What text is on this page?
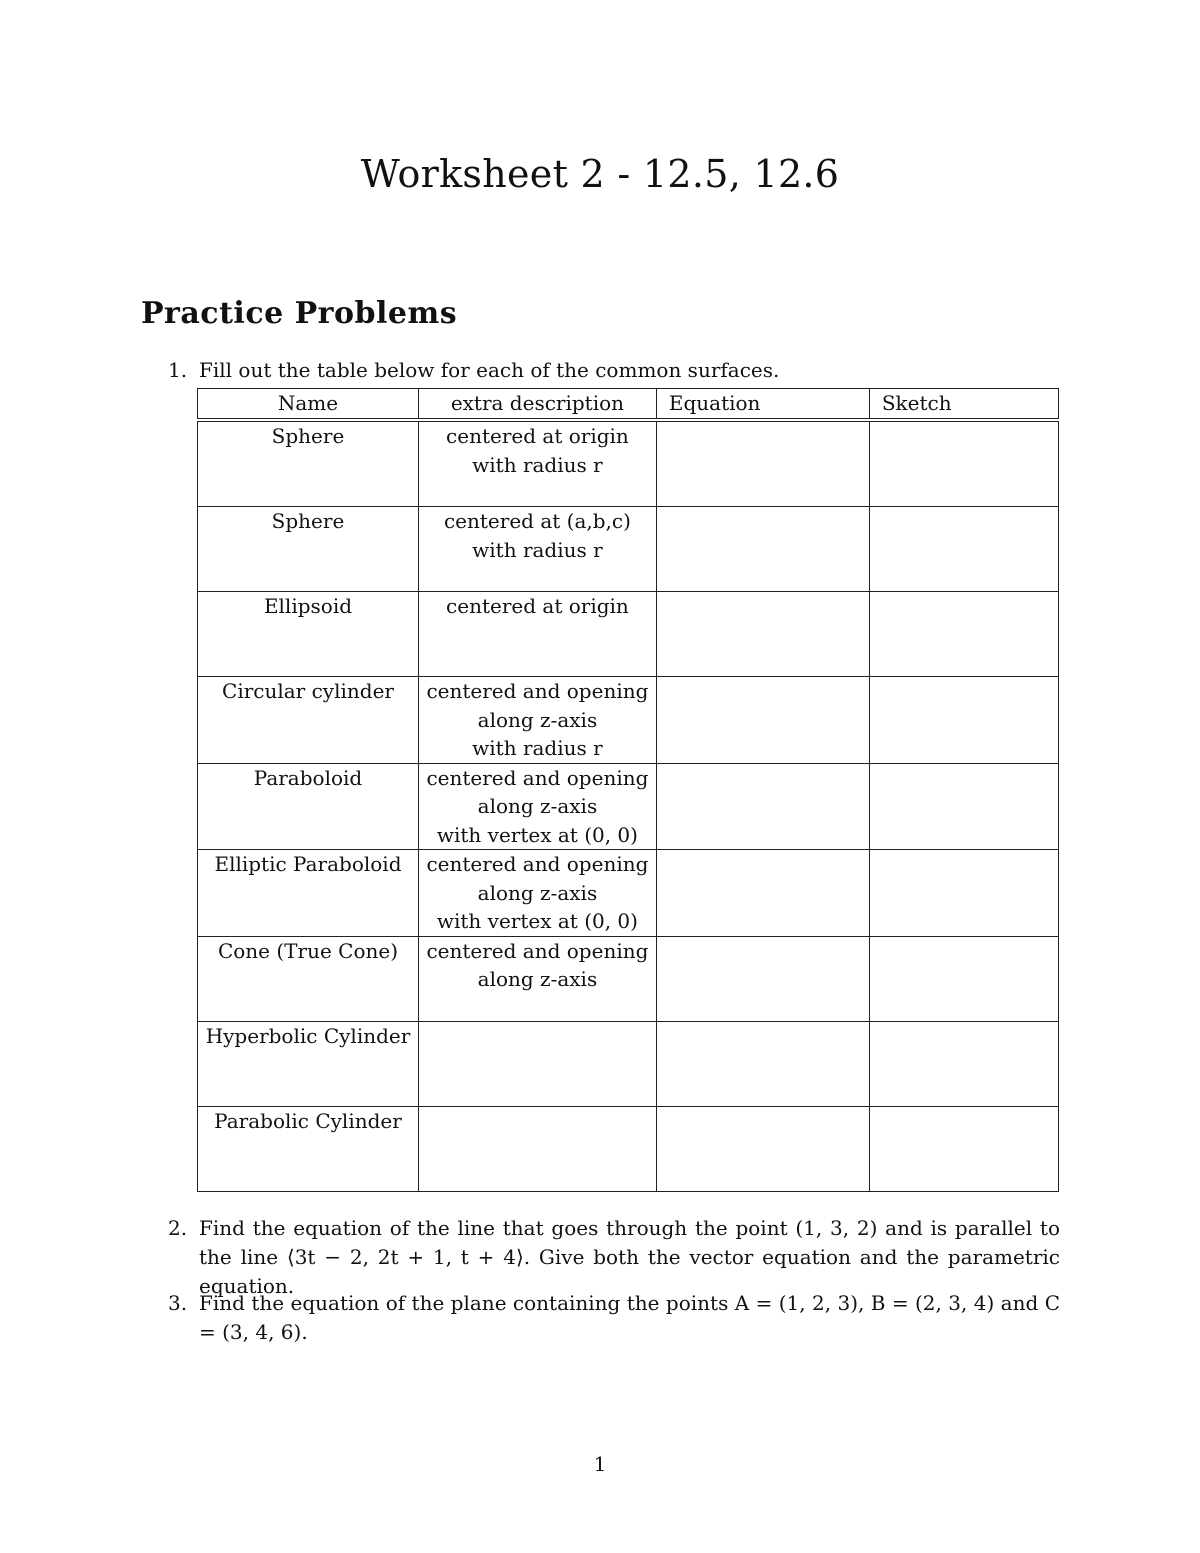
Worksheet 2 - 12.5, 12.6
Practice Problems
1. Fill out the table below for each of the common surfaces.
Name	extra description	Equation	Sketch
Sphere	centered at origin
with radius r		

Sphere	centered at (a,b,c)
with radius r		

Ellipsoid	centered at origin		

Circular cylinder	centered and opening
along z-axis
with radius r		

Paraboloid	centered and opening
along z-axis
with vertex at (0, 0)		

Elliptic Paraboloid	centered and opening
along z-axis
with vertex at (0, 0)		

Cone (True Cone)	centered and opening
along z-axis		

Hyperbolic Cylinder			
Parabolic Cylinder			
2. Find the equation of the line that goes through the point (1, 3, 2) and is parallel to the line ⟨3t − 2, 2t + 1, t + 4⟩. Give both the vector equation and the parametric equation.
3. Find the equation of the plane containing the points A = (1, 2, 3), B = (2, 3, 4) and C = (3, 4, 6).
1
